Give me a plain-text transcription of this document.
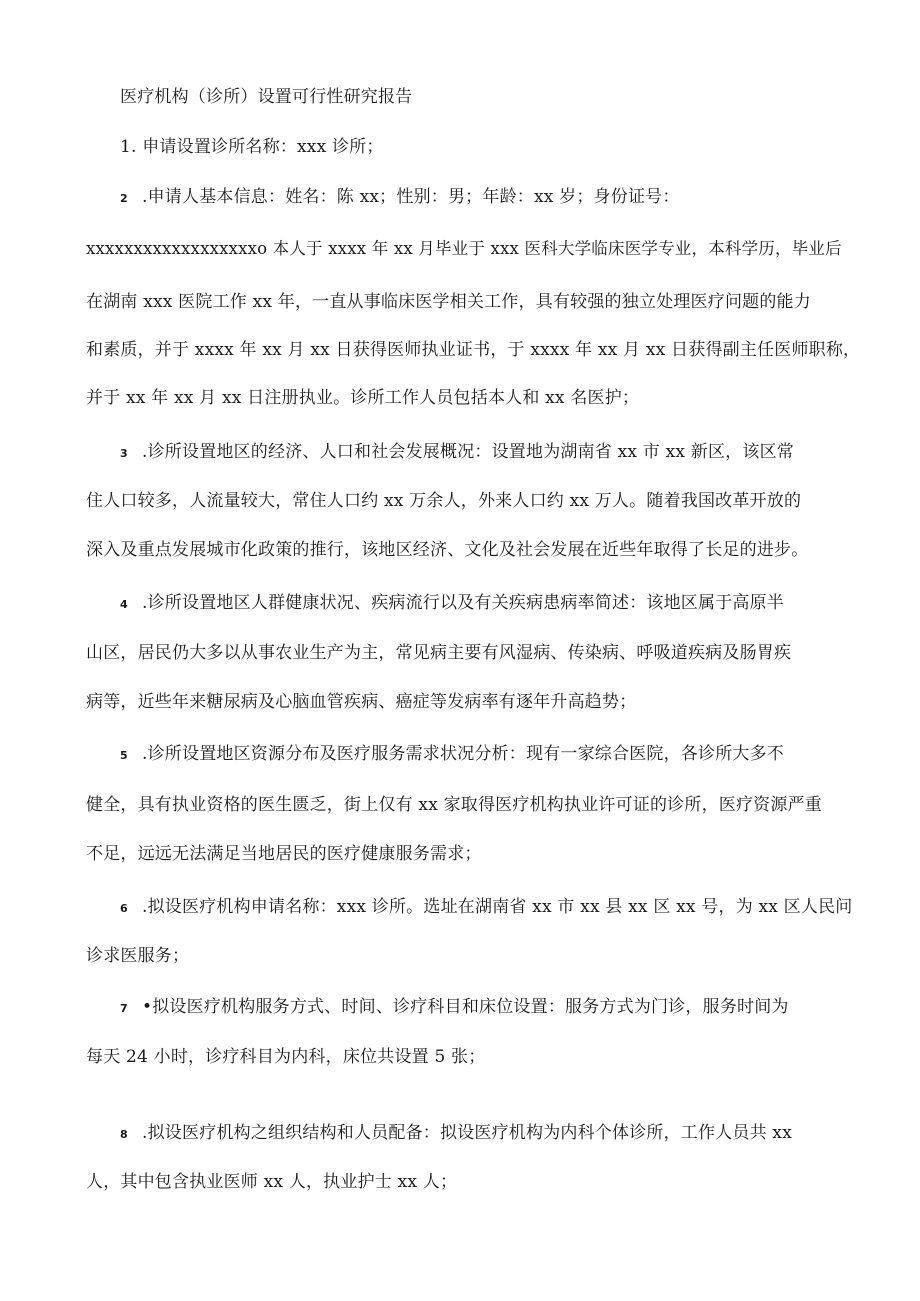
医疗机构（诊所）设置可行性研究报告
1. 申请设置诊所名称：xxx 诊所；
2 .申请人基本信息：姓名：陈 xx；性别：男；年龄：xx 岁；身份证号：
xxxxxxxxxxxxxxxxxxo 本人于 xxxx 年 xx 月毕业于 xxx 医科大学临床医学专业，本科学历，毕业后
在湖南 xxx 医院工作 xx 年，一直从事临床医学相关工作，具有较强的独立处理医疗问题的能力
和素质，并于 xxxx 年 xx 月 xx 日获得医师执业证书，于 xxxx 年 xx 月 xx 日获得副主任医师职称，
并于 xx 年 xx 月 xx 日注册执业。诊所工作人员包括本人和 xx 名医护；
3 .诊所设置地区的经济、人口和社会发展概况：设置地为湖南省 xx 市 xx 新区，该区常
住人口较多，人流量较大，常住人口约 xx 万余人，外来人口约 xx 万人。随着我国改革开放的
深入及重点发展城市化政策的推行，该地区经济、文化及社会发展在近些年取得了长足的进步。
4 .诊所设置地区人群健康状况、疾病流行以及有关疾病患病率简述：该地区属于高原半
山区，居民仍大多以从事农业生产为主，常见病主要有风湿病、传染病、呼吸道疾病及肠胃疾
病等，近些年来糖尿病及心脑血管疾病、癌症等发病率有逐年升高趋势；
5 .诊所设置地区资源分布及医疗服务需求状况分析：现有一家综合医院，各诊所大多不
健全，具有执业资格的医生匮乏，街上仅有 xx 家取得医疗机构执业许可证的诊所，医疗资源严重
不足，远远无法满足当地居民的医疗健康服务需求；
6 .拟设医疗机构申请名称：xxx 诊所。选址在湖南省 xx 市 xx 县 xx 区 xx 号，为 xx 区人民问
诊求医服务；
7 •拟设医疗机构服务方式、时间、诊疗科目和床位设置：服务方式为门诊，服务时间为
每天 24 小时，诊疗科目为内科，床位共设置 5 张；
8 .拟设医疗机构之组织结构和人员配备：拟设医疗机构为内科个体诊所，工作人员共 xx
人，其中包含执业医师 xx 人，执业护士 xx 人；
